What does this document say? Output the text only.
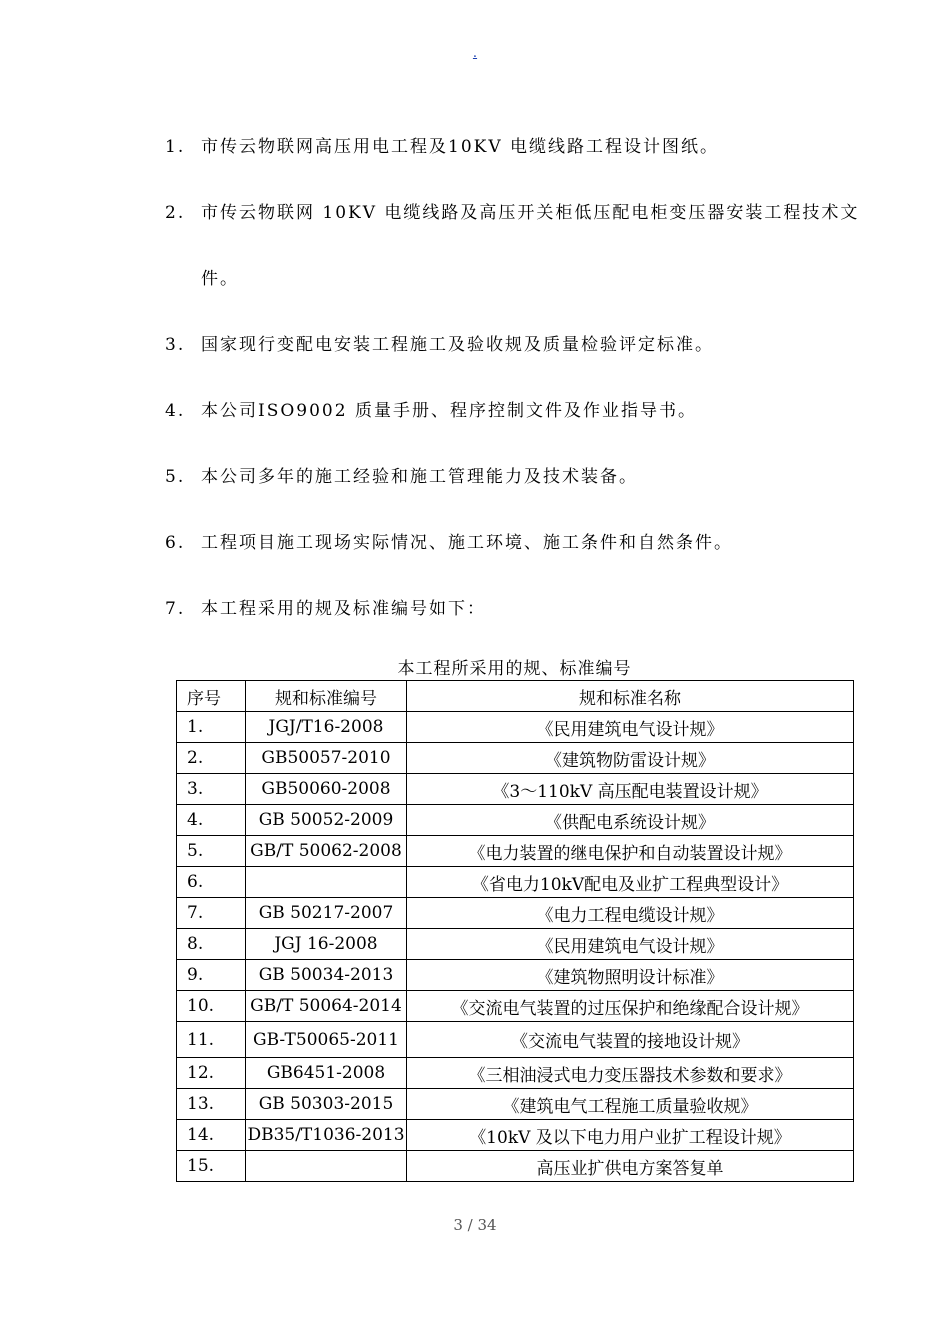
.
1. 市传云物联网高压用电工程及10KV 电缆线路工程设计图纸。
2. 市传云物联网 10KV 电缆线路及高压开关柜低压配电柜变压器安装工程技术文件。
3. 国家现行变配电安装工程施工及验收规及质量检验评定标准。
4. 本公司ISO9002 质量手册、程序控制文件及作业指导书。
5. 本公司多年的施工经验和施工管理能力及技术装备。
6. 工程项目施工现场实际情况、施工环境、施工条件和自然条件。
7. 本工程采用的规及标准编号如下：
本工程所采用的规、标准编号
序号	规和标准编号	规和标准名称
1.	JGJ/T16-2008	《民用建筑电气设计规》
2.	GB50057-2010	《建筑物防雷设计规》
3.	GB50060-2008	《3～110kV 高压配电装置设计规》
4.	GB 50052-2009	《供配电系统设计规》
5.	GB/T 50062-2008	《电力装置的继电保护和自动装置设计规》
6.		《省电力10kV配电及业扩工程典型设计》
7.	GB 50217-2007	《电力工程电缆设计规》
8.	JGJ 16-2008	《民用建筑电气设计规》
9.	GB 50034-2013	《建筑物照明设计标准》
10.	GB/T 50064-2014	《交流电气装置的过压保护和绝缘配合设计规》
11.	GB-T50065-2011	《交流电气装置的接地设计规》
12.	GB6451-2008	《三相油浸式电力变压器技术参数和要求》
13.	GB 50303-2015	《建筑电气工程施工质量验收规》
14.	DB35/T1036-2013	《10kV 及以下电力用户业扩工程设计规》
15.		高压业扩供电方案答复单
3 / 34
